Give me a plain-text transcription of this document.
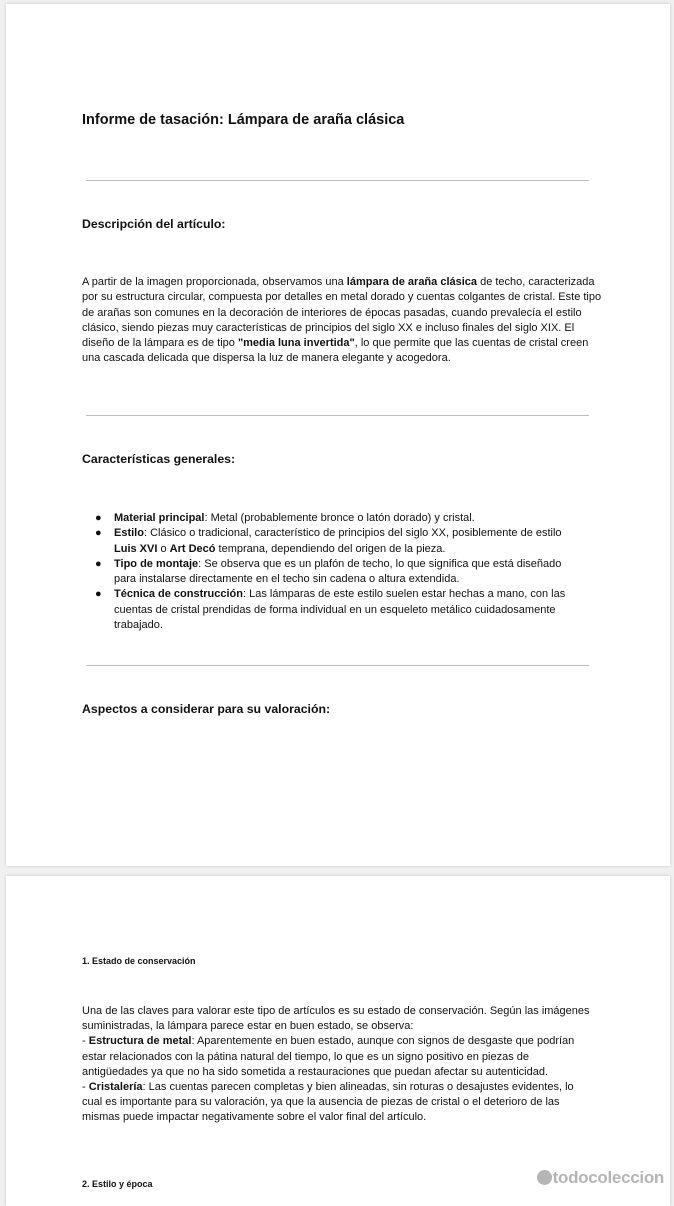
Informe de tasación: Lámpara de araña clásica
Descripción del artículo:
A partir de la imagen proporcionada, observamos una lámpara de araña clásica de techo, caracterizada por su estructura circular, compuesta por detalles en metal dorado y cuentas colgantes de cristal. Este tipo de arañas son comunes en la decoración de interiores de épocas pasadas, cuando prevalecía el estilo clásico, siendo piezas muy características de principios del siglo XX e incluso finales del siglo XIX. El diseño de la lámpara es de tipo "media luna invertida", lo que permite que las cuentas de cristal creen una cascada delicada que dispersa la luz de manera elegante y acogedora.
Características generales:
● Material principal: Metal (probablemente bronce o latón dorado) y cristal.
● Estilo: Clásico o tradicional, característico de principios del siglo XX, posiblemente de estilo Luis XVI o Art Decó temprana, dependiendo del origen de la pieza.
● Tipo de montaje: Se observa que es un plafón de techo, lo que significa que está diseñado para instalarse directamente en el techo sin cadena o altura extendida.
● Técnica de construcción: Las lámparas de este estilo suelen estar hechas a mano, con las cuentas de cristal prendidas de forma individual en un esqueleto metálico cuidadosamente trabajado.
Aspectos a considerar para su valoración:
1. Estado de conservación
Una de las claves para valorar este tipo de artículos es su estado de conservación. Según las imágenes suministradas, la lámpara parece estar en buen estado, se observa:
- Estructura de metal: Aparentemente en buen estado, aunque con signos de desgaste que podrían estar relacionados con la pátina natural del tiempo, lo que es un signo positivo en piezas de antigüedades ya que no ha sido sometida a restauraciones que puedan afectar su autenticidad.
- Cristalería: Las cuentas parecen completas y bien alineadas, sin roturas o desajustes evidentes, lo cual es importante para su valoración, ya que la ausencia de piezas de cristal o el deterioro de las mismas puede impactar negativamente sobre el valor final del artículo.
2. Estilo y época	todocoleccion
